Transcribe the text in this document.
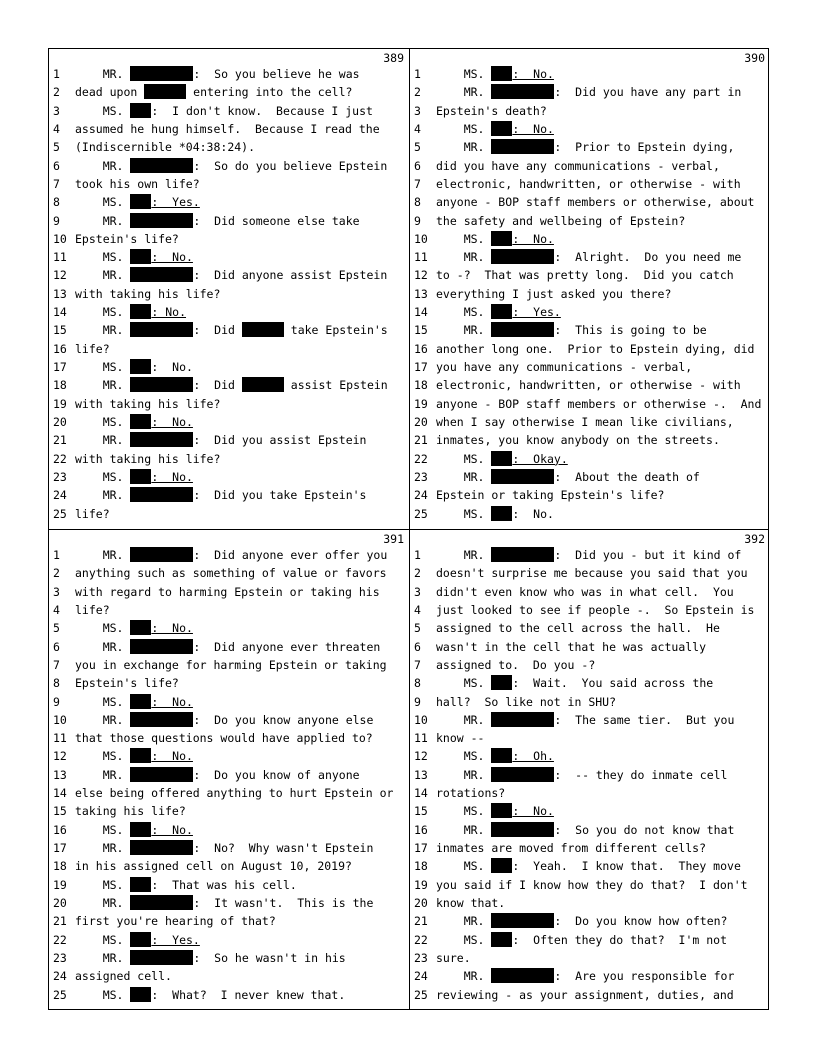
389
1	MR.	:  So you believe he was
2	dead upon	entering into the cell?
3	MS. :  I don't know.  Because I just
4	assumed he hung himself.  Because I read the
5	(Indiscernible *04:38:24).
6	MR.	:  So do you believe Epstein
7	took his own life?
8	MS. :  Yes.
9	MR.	:  Did someone else take
10 Epstein's life?
11 MS. :  No.
12 MR.	:  Did anyone assist Epstein
13 with taking his life?
14 MS. : No.
15 MR.	:  Did	take Epstein's
16 life?
17 MS. :  No.
18 MR.	:  Did	assist Epstein
19 with taking his life?
20 MS. :  No.
21 MR.	:  Did you assist Epstein
22 with taking his life?
23 MS. :  No.
24 MR.	:  Did you take Epstein's
25 life?
390
1	MS. :  No.
2	MR.	:  Did you have any part in
3	Epstein's death?
4	MS. :  No.
5	MR.	:  Prior to Epstein dying,
6	did you have any communications - verbal,
7	electronic, handwritten, or otherwise - with
8	anyone - BOP staff members or otherwise, about
9	the safety and wellbeing of Epstein?
10 MS. :  No.
11 MR.	:  Alright.  Do you need me
12 to -?  That was pretty long.  Did you catch
13 everything I just asked you there?
14 MS. :  Yes.
15 MR.	:  This is going to be
16 another long one.  Prior to Epstein dying, did
17 you have any communications - verbal,
18 electronic, handwritten, or otherwise - with
19 anyone - BOP staff members or otherwise -.  And
20 when I say otherwise I mean like civilians,
21 inmates, you know anybody on the streets.
22 MS. :  Okay.
23 MR.	:  About the death of
24 Epstein or taking Epstein's life?
25 MS. :  No.
391
1	MR.	:  Did anyone ever offer you
2	anything such as something of value or favors
3	with regard to harming Epstein or taking his
4	life?
5	MS. :  No.
6	MR.	:  Did anyone ever threaten
7	you in exchange for harming Epstein or taking
8	Epstein's life?
9	MS. :  No.
10 MR.	:  Do you know anyone else
11 that those questions would have applied to?
12 MS. :  No.
13 MR.	:  Do you know of anyone
14 else being offered anything to hurt Epstein or
15 taking his life?
16 MS. :  No.
17 MR.	:  No?  Why wasn't Epstein
18 in his assigned cell on August 10, 2019?
19 MS. :  That was his cell.
20 MR.	:  It wasn't.  This is the
21 first you're hearing of that?
22 MS. :  Yes.
23 MR.	:  So he wasn't in his
24 assigned cell.
25 MS. :  What?  I never knew that.
392
1	MR.	:  Did you - but it kind of
2	doesn't surprise me because you said that you
3	didn't even know who was in what cell.  You
4	just looked to see if people -.  So Epstein is
5	assigned to the cell across the hall.  He
6	wasn't in the cell that he was actually
7	assigned to.  Do you -?
8	MS. :  Wait.  You said across the
9	hall?  So like not in SHU?
10 MR.	:  The same tier.  But you
11 know --
12 MS. :  Oh.
13 MR.	:  -- they do inmate cell
14 rotations?
15 MS. :  No.
16 MR.	:  So you do not know that
17 inmates are moved from different cells?
18 MS. :  Yeah.  I know that.  They move
19 you said if I know how they do that?  I don't
20 know that.
21 MR.	:  Do you know how often?
22 MS. :  Often they do that?  I'm not
23 sure.
24 MR.	:  Are you responsible for
25 reviewing - as your assignment, duties, and
